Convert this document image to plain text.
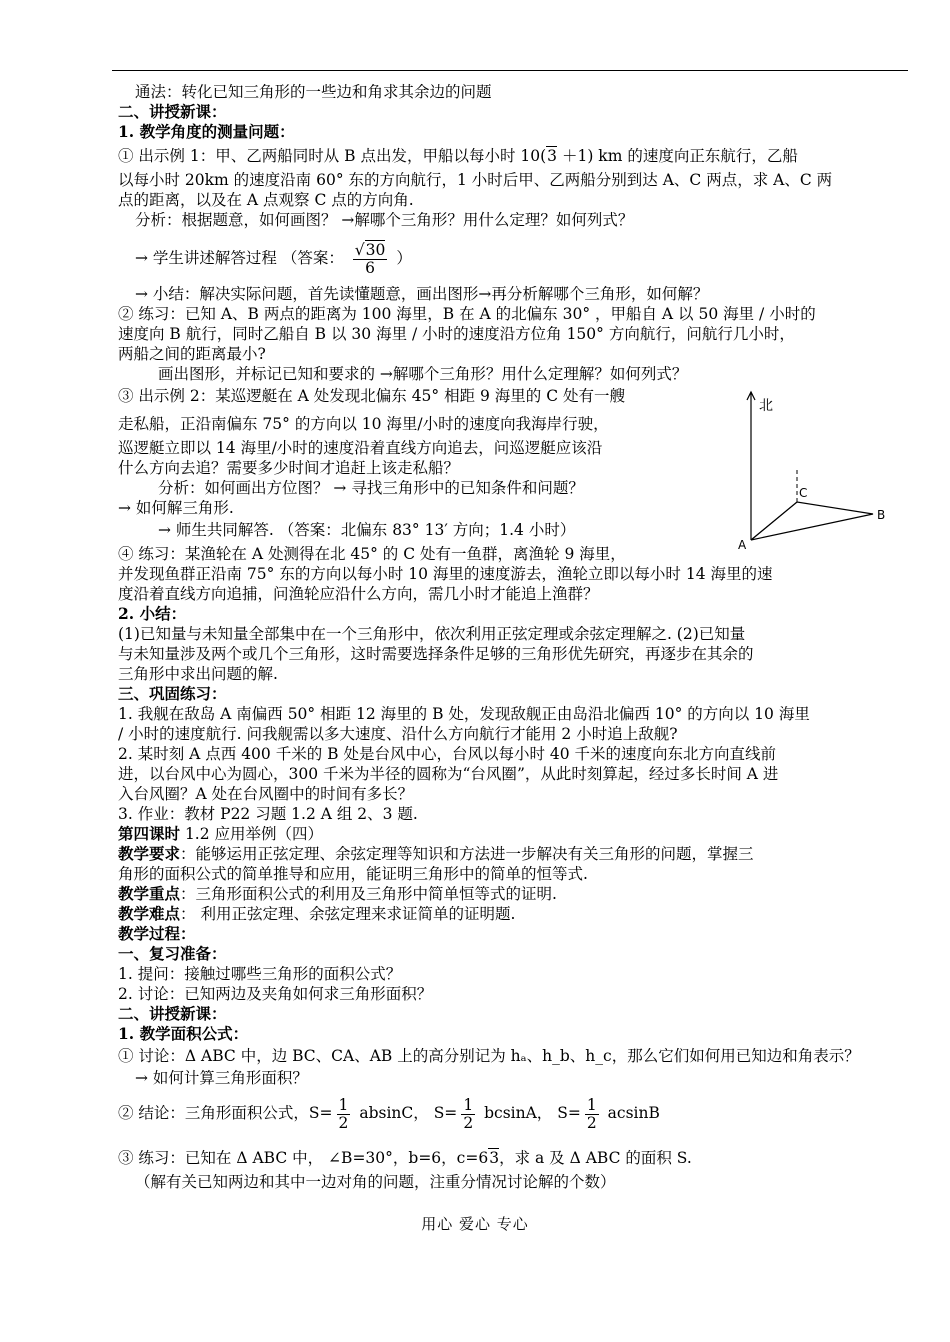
通法：转化已知三角形的一些边和角求其余边的问题
二、讲授新课：
1. 教学角度的测量问题：
① 出示例 1：甲、乙两船同时从 B 点出发，甲船以每小时 10(3 ＋1) km 的速度向正东航行，乙船
以每小时 20km 的速度沿南 60° 东的方向航行，1 小时后甲、乙两船分别到达 A、C 两点，求 A、C 两
点的距离，以及在 A 点观察 C 点的方向角.
分析：根据题意，如何画图？ →解哪个三角形？用什么定理？如何列式？
→ 学生讲述解答过程 （答案： $\frac{√30}{6}$ ）
→ 小结：解决实际问题，首先读懂题意，画出图形→再分析解哪个三角形，如何解？
② 练习：已知 A、B 两点的距离为 100 海里，B 在 A 的北偏东 30° ，甲船自 A 以 50 海里 / 小时的
速度向 B 航行，同时乙船自 B 以 30 海里 / 小时的速度沿方位角 150° 方向航行，问航行几小时，
两船之间的距离最小?
画出图形，并标记已知和要求的 →解哪个三角形？用什么定理解？如何列式？
③ 出示例 2：某巡逻艇在 A 处发现北偏东 45° 相距 9 海里的 C 处有一艘
走私船，正沿南偏东 75° 的方向以 10 海里/小时的速度向我海岸行驶，
巡逻艇立即以 14 海里/小时的速度沿着直线方向追去，问巡逻艇应该沿
什么方向去追？需要多少时间才追赶上该走私船？
分析：如何画出方位图？ → 寻找三角形中的已知条件和问题？
→ 如何解三角形.
→ 师生共同解答. （答案：北偏东 83° 13′ 方向；1.4 小时）
④ 练习：某渔轮在 A 处测得在北 45° 的 C 处有一鱼群，离渔轮 9 海里，
并发现鱼群正沿南 75° 东的方向以每小时 10 海里的速度游去，渔轮立即以每小时 14 海里的速
度沿着直线方向追捕，问渔轮应沿什么方向，需几小时才能追上渔群？
2. 小结：
(1)已知量与未知量全部集中在一个三角形中，依次利用正弦定理或余弦定理解之. (2)已知量
与未知量涉及两个或几个三角形，这时需要选择条件足够的三角形优先研究，再逐步在其余的
三角形中求出问题的解.
三、巩固练习：
1. 我舰在敌岛 A 南偏西 50° 相距 12 海里的 B 处，发现敌舰正由岛沿北偏西 10° 的方向以 10 海里
/ 小时的速度航行. 问我舰需以多大速度、沿什么方向航行才能用 2 小时追上敌舰?
2. 某时刻 A 点西 400 千米的 B 处是台风中心，台风以每小时 40 千米的速度向东北方向直线前
进，以台风中心为圆心，300 千米为半径的圆称为“台风圈”，从此时刻算起，经过多长时间 A 进
入台风圈？A 处在台风圈中的时间有多长？
3. 作业：教材 P22 习题 1.2 A 组 2、3 题.
第四课时 1.2 应用举例（四）
教学要求：能够运用正弦定理、余弦定理等知识和方法进一步解决有关三角形的问题，掌握三
角形的面积公式的简单推导和应用，能证明三角形中的简单的恒等式.
教学重点：三角形面积公式的利用及三角形中简单恒等式的证明.
教学难点： 利用正弦定理、余弦定理来求证简单的证明题.
教学过程：
一、复习准备：
1. 提问：接触过哪些三角形的面积公式？
2. 讨论：已知两边及夹角如何求三角形面积？
二、讲授新课：
1. 教学面积公式：
① 讨论：Δ ABC 中，边 BC、CA、AB 上的高分别记为 hₐ、h_b、h_c，那么它们如何用已知边和角表示？
→ 如何计算三角形面积？
② 结论：三角形面积公式，$S= \frac{1}{2}$ absinC， $S= \frac{1}{2}$ bcsinA， $S= \frac{1}{2}$ acsinB
③ 练习：已知在 Δ ABC 中， ∠B=30°，b=6，c=63，求 a 及 Δ ABC 的面积 S.
（解有关已知两边和其中一边对角的问题，注重分情况讨论解的个数）
北
A
B
C
用心 爱心 专心
